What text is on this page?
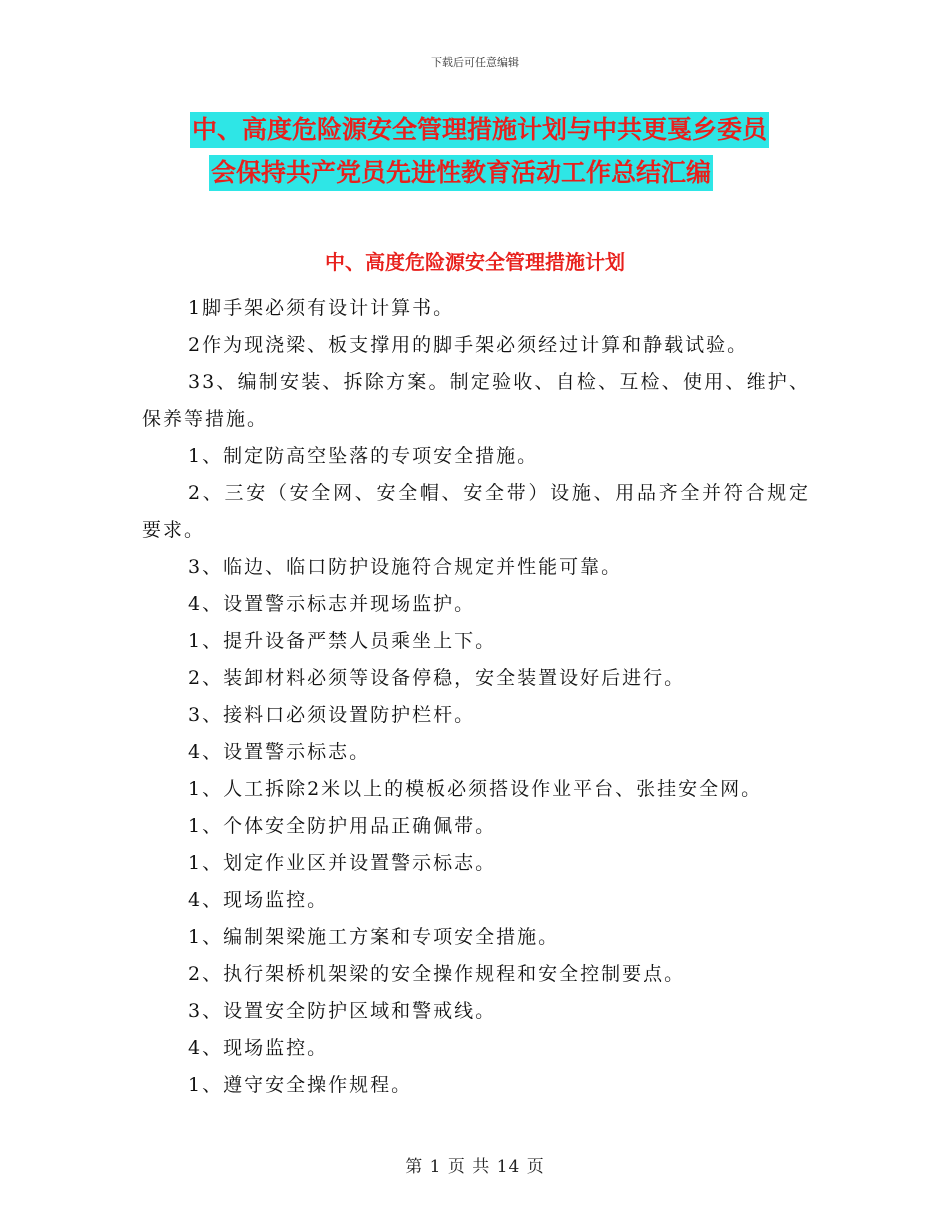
下载后可任意编辑
中、高度危险源安全管理措施计划与中共更戛乡委员
会保持共产党员先进性教育活动工作总结汇编
中、高度危险源安全管理措施计划

1脚手架必须有设计计算书。

2作为现浇梁、板支撑用的脚手架必须经过计算和静载试验。

33、编制安装、拆除方案。制定验收、自检、互检、使用、维护、保养等措施。

1、制定防高空坠落的专项安全措施。

2、三安（安全网、安全帽、安全带）设施、用品齐全并符合规定要求。

3、临边、临口防护设施符合规定并性能可靠。

4、设置警示标志并现场监护。

1、提升设备严禁人员乘坐上下。

2、装卸材料必须等设备停稳，安全装置设好后进行。

3、接料口必须设置防护栏杆。

4、设置警示标志。

1、人工拆除2米以上的模板必须搭设作业平台、张挂安全网。

1、个体安全防护用品正确佩带。

1、划定作业区并设置警示标志。

4、现场监控。

1、编制架梁施工方案和专项安全措施。

2、执行架桥机架梁的安全操作规程和安全控制要点。

3、设置安全防护区域和警戒线。

4、现场监控。

1、遵守安全操作规程。

第 1 页 共 14 页
